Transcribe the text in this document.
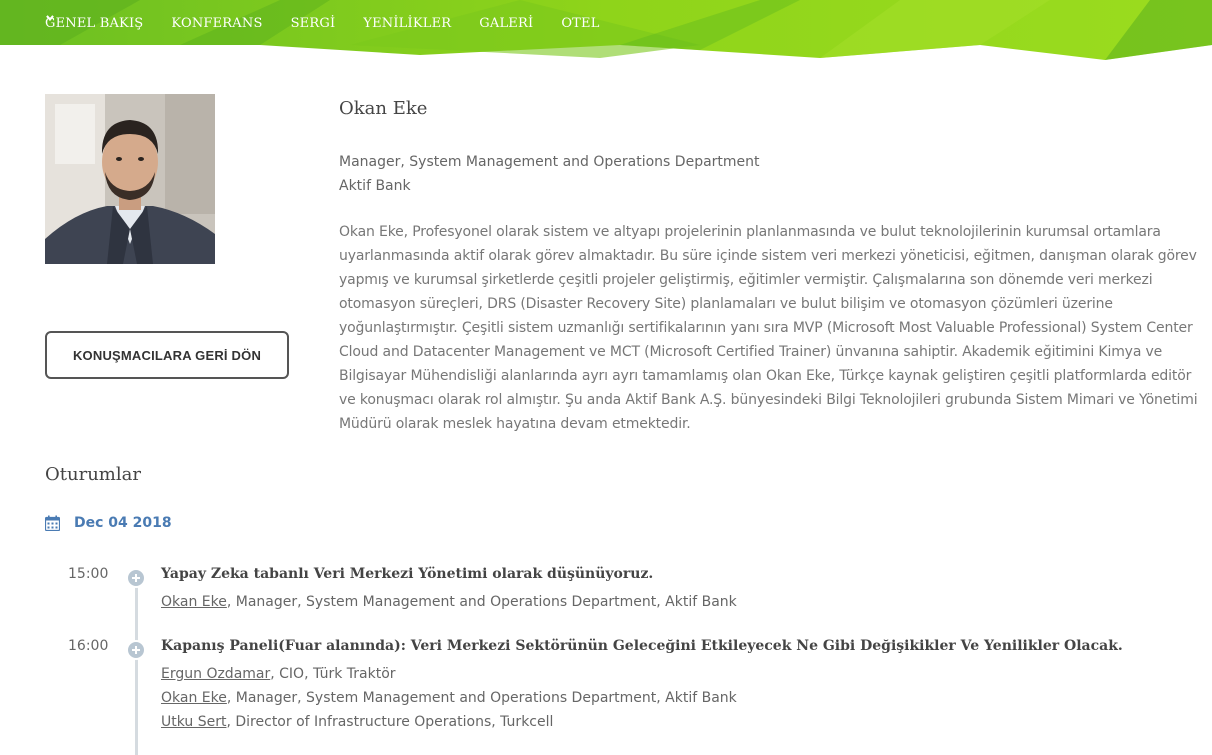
GENEL BAKIŞ KONFERANS SERGİ YENİLİKLER GALERİ OTEL
KONUŞMACILARA GERİ DÖN
Okan Eke
Manager, System Management and Operations Department
Aktif Bank
Okan Eke, Profesyonel olarak sistem ve altyapı projelerinin planlanmasında ve bulut teknolojilerinin kurumsal ortamlara uyarlanmasında aktif olarak görev almaktadır. Bu süre içinde sistem veri merkezi yöneticisi, eğitmen, danışman olarak görev yapmış ve kurumsal şirketlerde çeşitli projeler geliştirmiş, eğitimler vermiştir. Çalışmalarına son dönemde veri merkezi otomasyon süreçleri, DRS (Disaster Recovery Site) planlamaları ve bulut bilişim ve otomasyon çözümleri üzerine yoğunlaştırmıştır. Çeşitli sistem uzmanlığı sertifikalarının yanı sıra MVP (Microsoft Most Valuable Professional) System Center Cloud and Datacenter Management ve MCT (Microsoft Certified Trainer) ünvanına sahiptir. Akademik eğitimini Kimya ve Bilgisayar Mühendisliği alanlarında ayrı ayrı tamamlamış olan Okan Eke, Türkçe kaynak geliştiren çeşitli platformlarda editör ve konuşmacı olarak rol almıştır. Şu anda Aktif Bank A.Ş. bünyesindeki Bilgi Teknolojileri grubunda Sistem Mimari ve Yönetimi Müdürü olarak meslek hayatına devam etmektedir.
Oturumlar
Dec 04 2018
15:00	Yapay Zeka tabanlı Veri Merkezi Yönetimi olarak düşünüyoruz.
Okan Eke, Manager, System Management and Operations Department, Aktif Bank
16:00	Kapanış Paneli(Fuar alanında): Veri Merkezi Sektörünün Geleceğini Etkileyecek Ne Gibi Değişikikler Ve Yenilikler Olacak.
Ergun Ozdamar, CIO, Türk Traktör
Okan Eke, Manager, System Management and Operations Department, Aktif Bank
Utku Sert, Director of Infrastructure Operations, Turkcell
